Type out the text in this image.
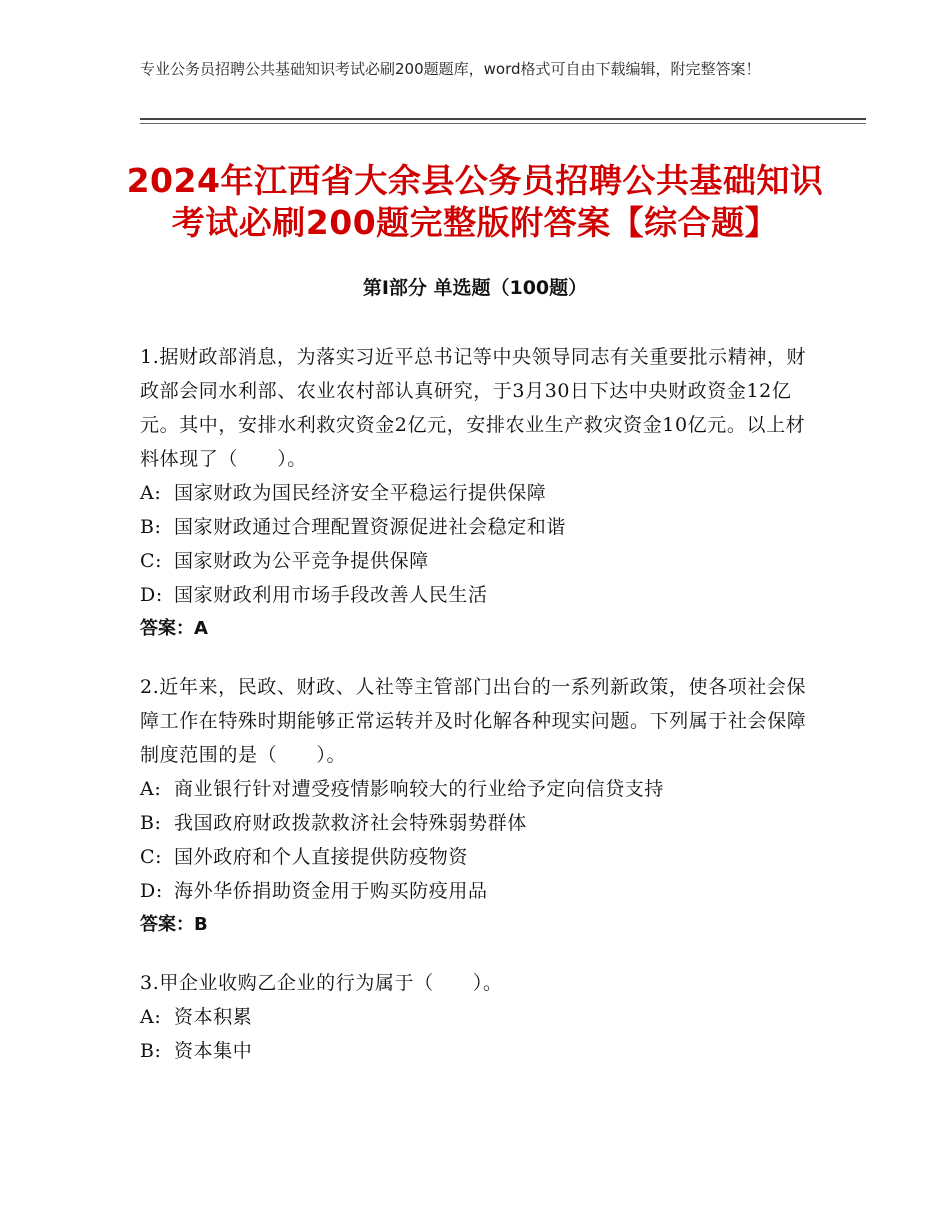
专业公务员招聘公共基础知识考试必刷200题题库，word格式可自由下载编辑，附完整答案！
2024年江西省大余县公务员招聘公共基础知识考试必刷200题完整版附答案【综合题】
第Ⅰ部分 单选题（100题）

1.据财政部消息，为落实习近平总书记等中央领导同志有关重要批示精神，财政部会同水利部、农业农村部认真研究，于3月30日下达中央财政资金12亿元。其中，安排水利救灾资金2亿元，安排农业生产救灾资金10亿元。以上材料体现了（　　）。

A: 国家财政为国民经济安全平稳运行提供保障

B: 国家财政通过合理配置资源促进社会稳定和谐

C: 国家财政为公平竞争提供保障

D: 国家财政利用市场手段改善人民生活

答案：A

2.近年来，民政、财政、人社等主管部门出台的一系列新政策，使各项社会保障工作在特殊时期能够正常运转并及时化解各种现实问题。下列属于社会保障制度范围的是（　　）。

A: 商业银行针对遭受疫情影响较大的行业给予定向信贷支持

B: 我国政府财政拨款救济社会特殊弱势群体

C: 国外政府和个人直接提供防疫物资

D: 海外华侨捐助资金用于购买防疫用品

答案：B

3.甲企业收购乙企业的行为属于（　　）。

A: 资本积累

B: 资本集中
